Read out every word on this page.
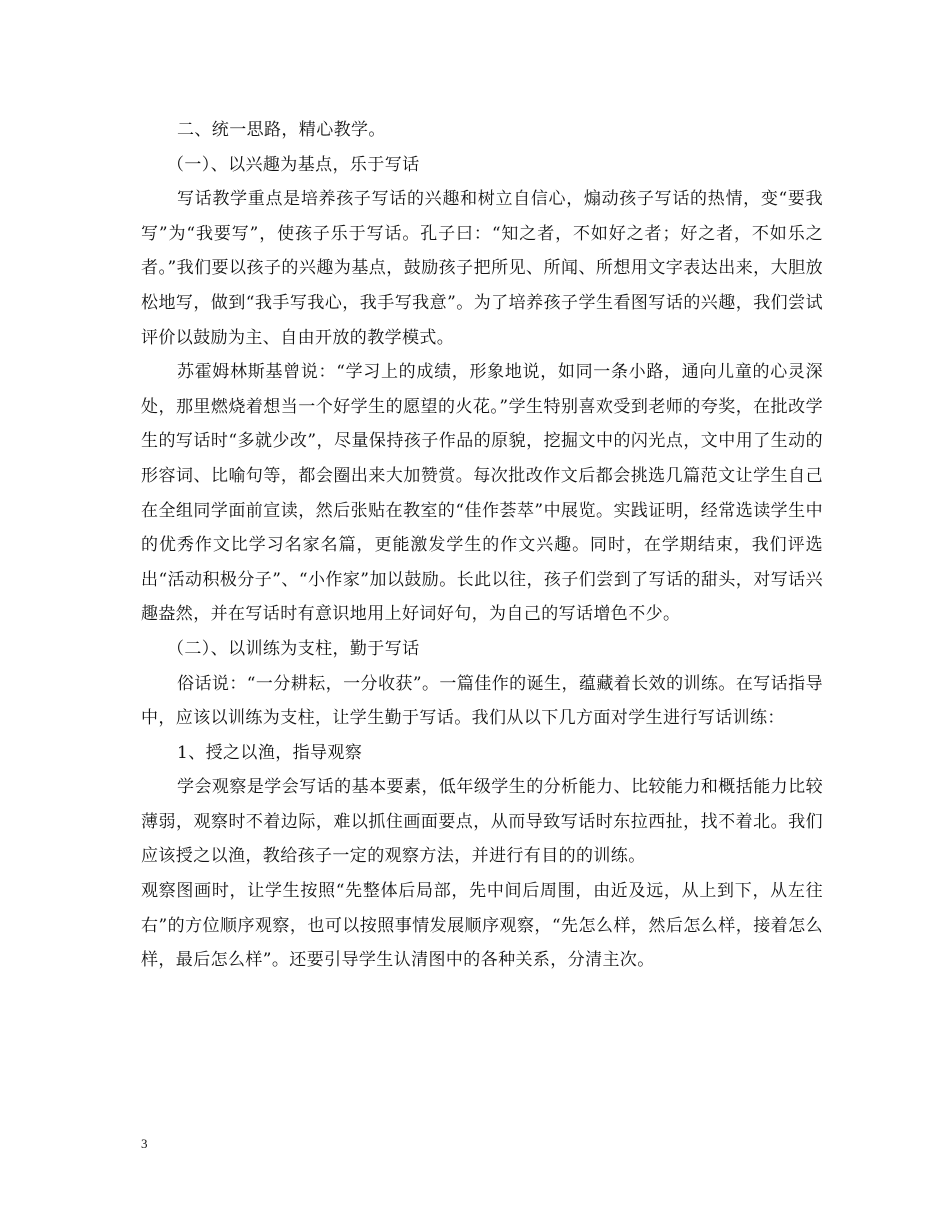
二、统一思路，精心教学。

（一）、以兴趣为基点，乐于写话

写话教学重点是培养孩子写话的兴趣和树立自信心，煽动孩子写话的热情，变“要我写”为“我要写”，使孩子乐于写话。孔子曰：“知之者，不如好之者；好之者，不如乐之者。”我们要以孩子的兴趣为基点，鼓励孩子把所见、所闻、所想用文字表达出来，大胆放松地写，做到“我手写我心，我手写我意”。为了培养孩子学生看图写话的兴趣，我们尝试评价以鼓励为主、自由开放的教学模式。

苏霍姆林斯基曾说：“学习上的成绩，形象地说，如同一条小路，通向儿童的心灵深处，那里燃烧着想当一个好学生的愿望的火花。”学生特别喜欢受到老师的夸奖，在批改学生的写话时“多就少改”，尽量保持孩子作品的原貌，挖掘文中的闪光点，文中用了生动的形容词、比喻句等，都会圈出来大加赞赏。每次批改作文后都会挑选几篇范文让学生自己在全组同学面前宣读，然后张贴在教室的“佳作荟萃”中展览。实践证明，经常选读学生中的优秀作文比学习名家名篇，更能激发学生的作文兴趣。同时，在学期结束，我们评选出“活动积极分子”、“小作家”加以鼓励。长此以往，孩子们尝到了写话的甜头，对写话兴趣盎然，并在写话时有意识地用上好词好句，为自己的写话增色不少。

（二）、以训练为支柱，勤于写话

俗话说：“一分耕耘，一分收获”。一篇佳作的诞生，蕴藏着长效的训练。在写话指导中，应该以训练为支柱，让学生勤于写话。我们从以下几方面对学生进行写话训练：

1、授之以渔，指导观察

学会观察是学会写话的基本要素，低年级学生的分析能力、比较能力和概括能力比较薄弱，观察时不着边际，难以抓住画面要点，从而导致写话时东拉西扯，找不着北。我们应该授之以渔，教给孩子一定的观察方法，并进行有目的的训练。

观察图画时，让学生按照“先整体后局部，先中间后周围，由近及远，从上到下，从左往右”的方位顺序观察，也可以按照事情发展顺序观察，“先怎么样，然后怎么样，接着怎么样，最后怎么样”。还要引导学生认清图中的各种关系，分清主次。

3
